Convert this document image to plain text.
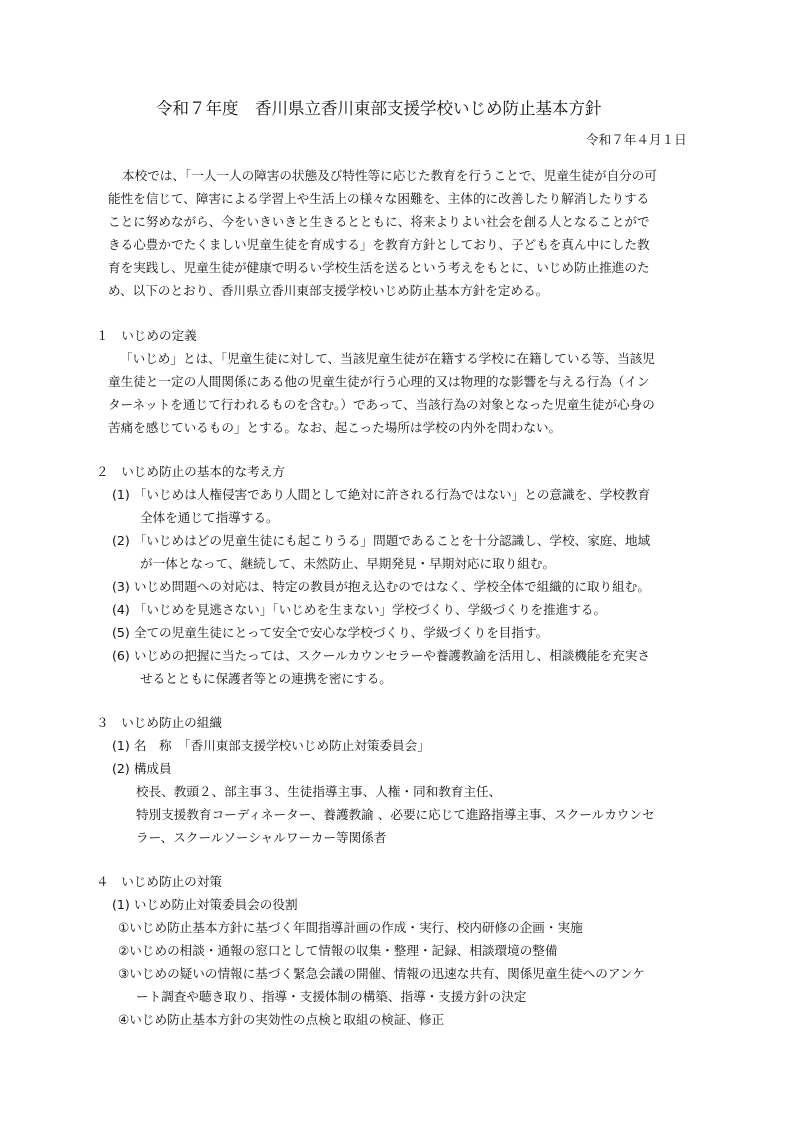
令和７年度　香川県立香川東部支援学校いじめ防止基本方針
令和７年４月１日
本校では、「一人一人の障害の状態及び特性等に応じた教育を行うことで、児童生徒が自分の可
能性を信じて、障害による学習上や生活上の様々な困難を、主体的に改善したり解消したりする
ことに努めながら、今をいきいきと生きるとともに、将来よりよい社会を創る人となることがで
きる心豊かでたくましい児童生徒を育成する」を教育方針としており、子どもを真ん中にした教
育を実践し、児童生徒が健康で明るい学校生活を送るという考えをもとに、いじめ防止推進のた
め、以下のとおり、香川県立香川東部支援学校いじめ防止基本方針を定める。
１　いじめの定義
「いじめ」とは、「児童生徒に対して、当該児童生徒が在籍する学校に在籍している等、当該児
童生徒と一定の人間関係にある他の児童生徒が行う心理的又は物理的な影響を与える行為（イン
ターネットを通じて行われるものを含む。）であって、当該行為の対象となった児童生徒が心身の
苦痛を感じているもの」とする。なお、起こった場所は学校の内外を問わない。
２　いじめ防止の基本的な考え方
(1) 「いじめは人権侵害であり人間として絶対に許される行為ではない」との意識を、学校教育
全体を通じて指導する。
(2) 「いじめはどの児童生徒にも起こりうる」問題であることを十分認識し、学校、家庭、地域
が一体となって、継続して、未然防止、早期発見・早期対応に取り組む。
(3) いじめ問題への対応は、特定の教員が抱え込むのではなく、学校全体で組織的に取り組む。
(4) 「いじめを見逃さない」「いじめを生まない」学校づくり、学級づくりを推進する。
(5) 全ての児童生徒にとって安全で安心な学校づくり、学級づくりを目指す。
(6) いじめの把握に当たっては、スクールカウンセラーや養護教諭を活用し、相談機能を充実さ
せるとともに保護者等との連携を密にする。
３　いじめ防止の組織
(1) 名　称　「香川東部支援学校いじめ防止対策委員会」
(2) 構成員
校長、教頭２、部主事３、生徒指導主事、人権・同和教育主任、
特別支援教育コーディネーター、養護教諭 、必要に応じて進路指導主事、スクールカウンセ
ラー、スクールソーシャルワーカー等関係者
４　いじめ防止の対策
(1) いじめ防止対策委員会の役割
①いじめ防止基本方針に基づく年間指導計画の作成・実行、校内研修の企画・実施
②いじめの相談・通報の窓口として情報の収集・整理・記録、相談環境の整備
③いじめの疑いの情報に基づく緊急会議の開催、情報の迅速な共有、関係児童生徒へのアンケ
ート調査や聴き取り、指導・支援体制の構築、指導・支援方針の決定
④いじめ防止基本方針の実効性の点検と取組の検証、修正
